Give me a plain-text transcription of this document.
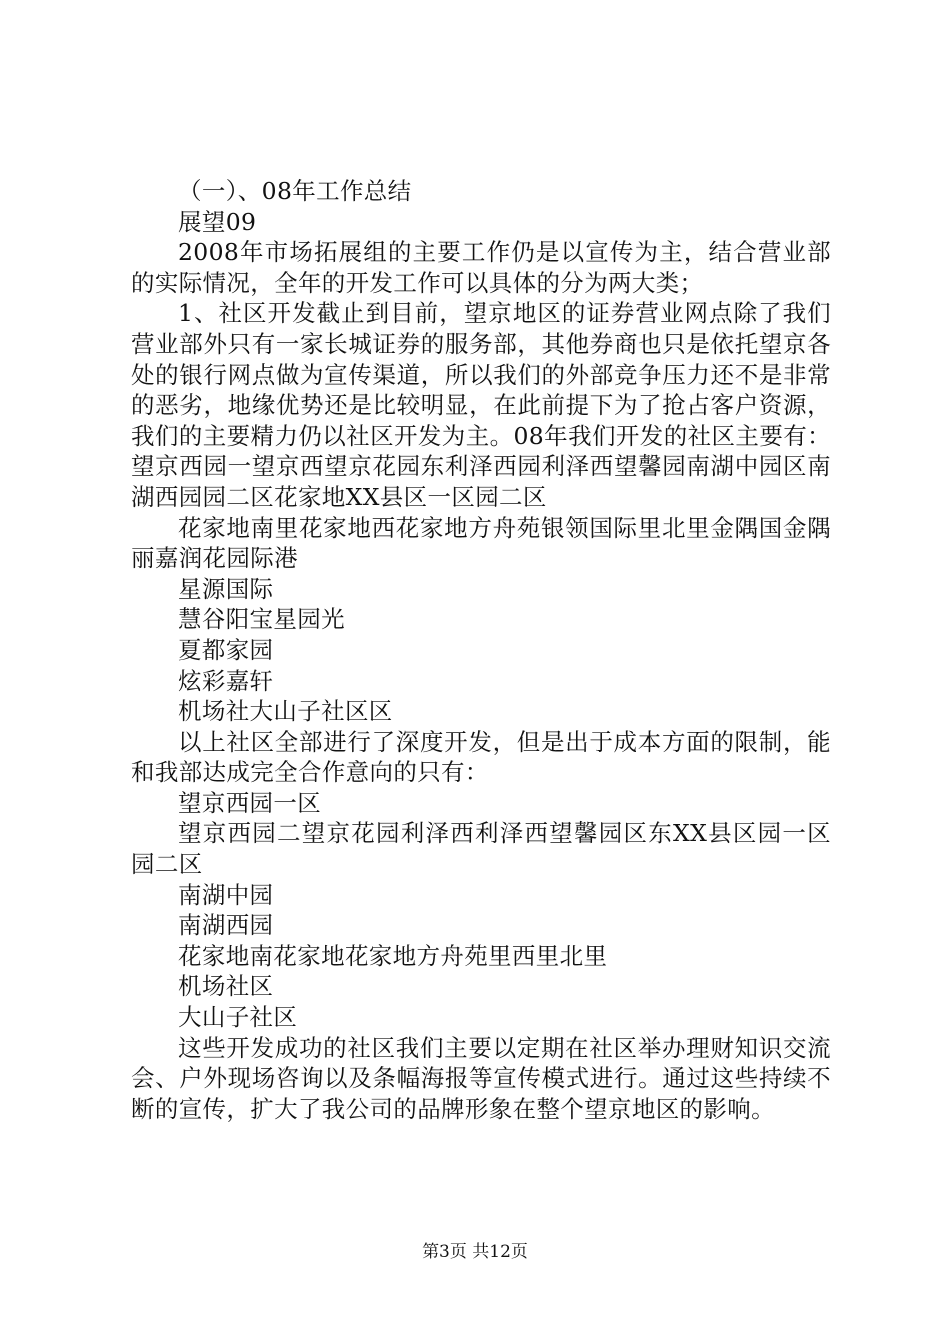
（一）、08年工作总结

展望09

2008年市场拓展组的主要工作仍是以宣传为主，结合营业部的实际情况，全年的开发工作可以具体的分为两大类；

1、社区开发截止到目前，望京地区的证券营业网点除了我们营业部外只有一家长城证券的服务部，其他券商也只是依托望京各处的银行网点做为宣传渠道，所以我们的外部竞争压力还不是非常的恶劣，地缘优势还是比较明显，在此前提下为了抢占客户资源，我们的主要精力仍以社区开发为主。08年我们开发的社区主要有：望京西园一望京西望京花园东利泽西园利泽西望馨园南湖中园区南湖西园园二区花家地XX县区一区园二区

花家地南里花家地西花家地方舟苑银领国际里北里金隅国金隅丽嘉润花园际港

星源国际

慧谷阳宝星园光

夏都家园

炫彩嘉轩

机场社大山子社区区

以上社区全部进行了深度开发，但是出于成本方面的限制，能和我部达成完全合作意向的只有：

望京西园一区

望京西园二望京花园利泽西利泽西望馨园区东XX县区园一区园二区

南湖中园

南湖西园

花家地南花家地花家地方舟苑里西里北里

机场社区

大山子社区

这些开发成功的社区我们主要以定期在社区举办理财知识交流会、户外现场咨询以及条幅海报等宣传模式进行。通过这些持续不断的宣传，扩大了我公司的品牌形象在整个望京地区的影响。

第3页 共12页
